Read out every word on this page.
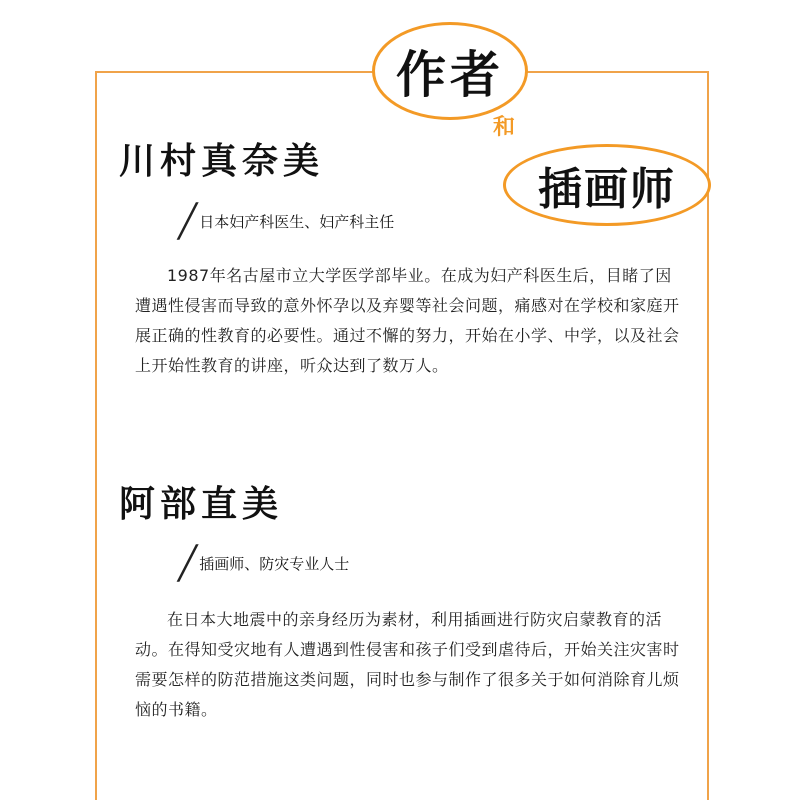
作者
和
插画师
川村真奈美
╱ 日本妇产科医生、妇产科主任
1987年名古屋市立大学医学部毕业。在成为妇产科医生后，目睹了因遭遇性侵害而导致的意外怀孕以及弃婴等社会问题，痛感对在学校和家庭开展正确的性教育的必要性。通过不懈的努力，开始在小学、中学，以及社会上开始性教育的讲座，听众达到了数万人。
阿部直美
╱ 插画师、防灾专业人士
在日本大地震中的亲身经历为素材，利用插画进行防灾启蒙教育的活动。在得知受灾地有人遭遇到性侵害和孩子们受到虐待后，开始关注灾害时需要怎样的防范措施这类问题，同时也参与制作了很多关于如何消除育儿烦恼的书籍。
